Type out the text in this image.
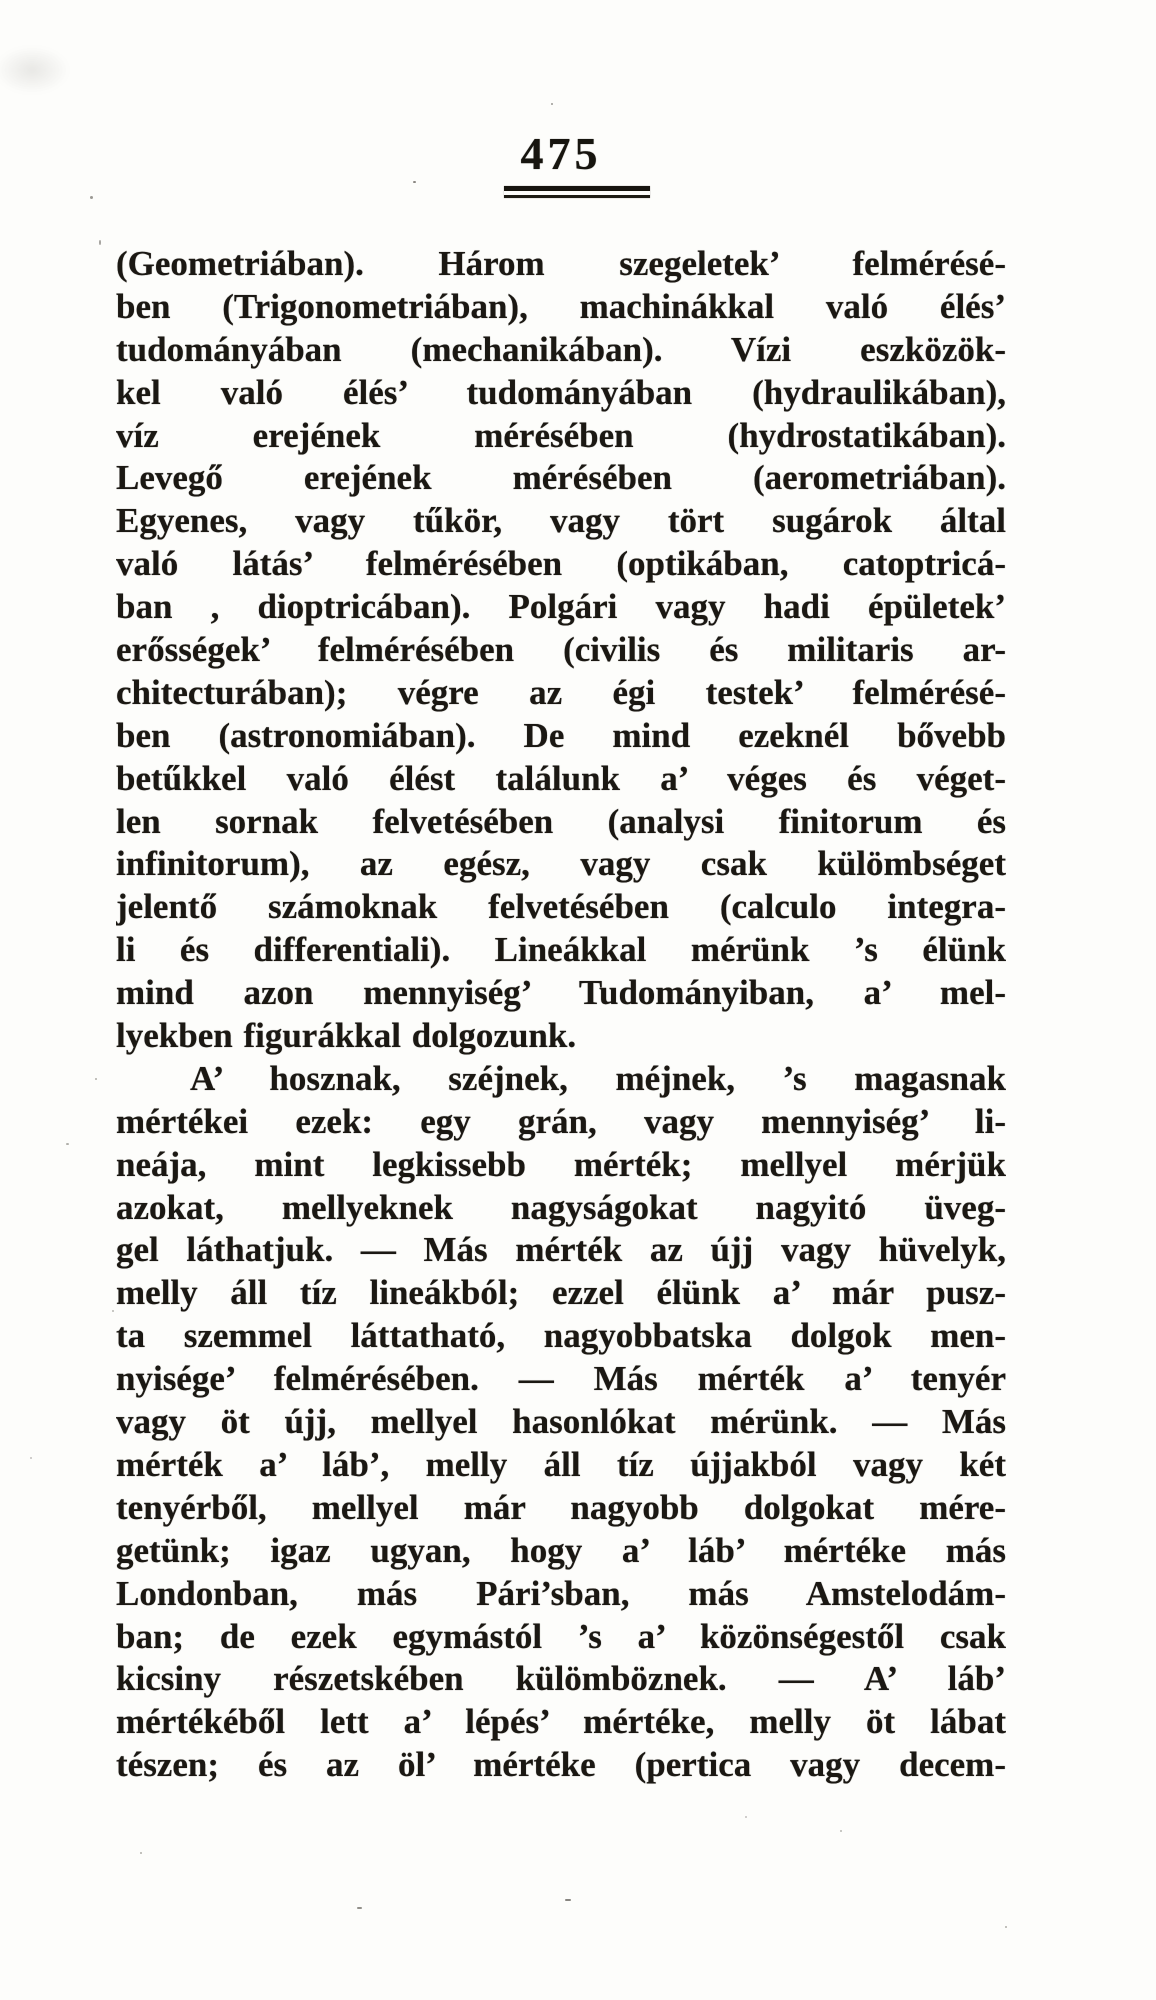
475
(Geometriában). Három szegeletek’ felmérésé-
ben (Trigonometriában), machinákkal való élés’
tudományában (mechanikában). Vízi eszközök-
kel való élés’ tudományában (hydraulikában),
víz erejének mérésében (hydrostatikában).
Levegő erejének mérésében (aerometriában).
Egyenes, vagy tűkör, vagy tört sugárok által
való látás’ felmérésében (optikában, catoptricá-
ban , dioptricában). Polgári vagy hadi épületek’
erősségek’ felmérésében (civilis és militaris ar-
chitecturában); végre az égi testek’ felmérésé-
ben (astronomiában). De mind ezeknél bővebb
betűkkel való élést találunk a’ véges és véget-
len sornak felvetésében (analysi finitorum és
infinitorum), az egész, vagy csak külömbséget
jelentő számoknak felvetésében (calculo integra-
li és differentiali). Lineákkal mérünk ’s élünk
mind azon mennyiség’ Tudományiban, a’ mel-
lyekben figurákkal dolgozunk.
A’ hosznak, széjnek, méjnek, ’s magasnak
mértékei ezek: egy grán, vagy mennyiség’ li-
neája, mint legkissebb mérték; mellyel mérjük
azokat, mellyeknek nagyságokat nagyitó üveg-
gel láthatjuk. — Más mérték az újj vagy hüvelyk,
melly áll tíz lineákból; ezzel élünk a’ már pusz-
ta szemmel láttatható, nagyobbatska dolgok men-
nyisége’ felmérésében. — Más mérték a’ tenyér
vagy öt újj, mellyel hasonlókat mérünk. — Más
mérték a’ láb’, melly áll tíz újjakból vagy két
tenyérből, mellyel már nagyobb dolgokat mére-
getünk; igaz ugyan, hogy a’ láb’ mértéke más
Londonban, más Pári’sban, más Amstelodám-
ban; de ezek egymástól ’s a’ közönségestől csak
kicsiny részetskében külömböznek. — A’ láb’
mértékéből lett a’ lépés’ mértéke, melly öt lábat
tészen; és az öl’ mértéke (pertica vagy decem-
